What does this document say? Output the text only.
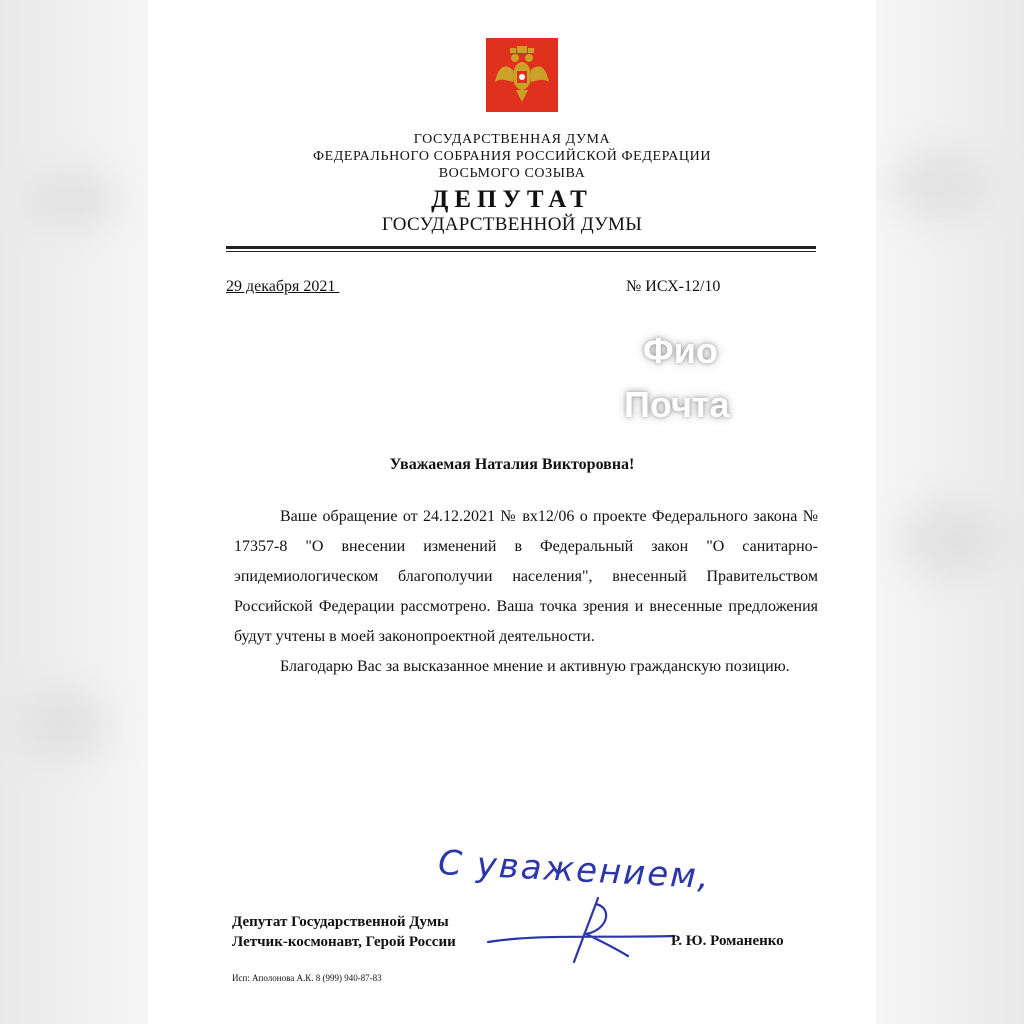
ГОСУДАРСТВЕННАЯ ДУМА
ФЕДЕРАЛЬНОГО СОБРАНИЯ РОССИЙСКОЙ ФЕДЕРАЦИИ
ВОСЬМОГО СОЗЫВА
ДЕПУТАТ
ГОСУДАРСТВЕННОЙ ДУМЫ
29 декабря 2021	№ ИСХ-12/10
Фио
Почта
Уважаемая Наталия Викторовна!

Ваше обращение от 24.12.2021 № вх12/06 о проекте Федерального закона № 17357-8 "О внесении изменений в Федеральный закон "О санитарно-эпидемиологическом благополучии населения", внесенный Правительством Российской Федерации рассмотрено. Ваша точка зрения и внесенные предложения будут учтены в моей законопроектной деятельности.

Благодарю Вас за высказанное мнение и активную гражданскую позицию.

С уважением,
Депутат Государственной Думы
Летчик-космонавт, Герой России	Р. Ю. Романенко
Исп: Аполонова А.К. 8 (999) 940-87-83
